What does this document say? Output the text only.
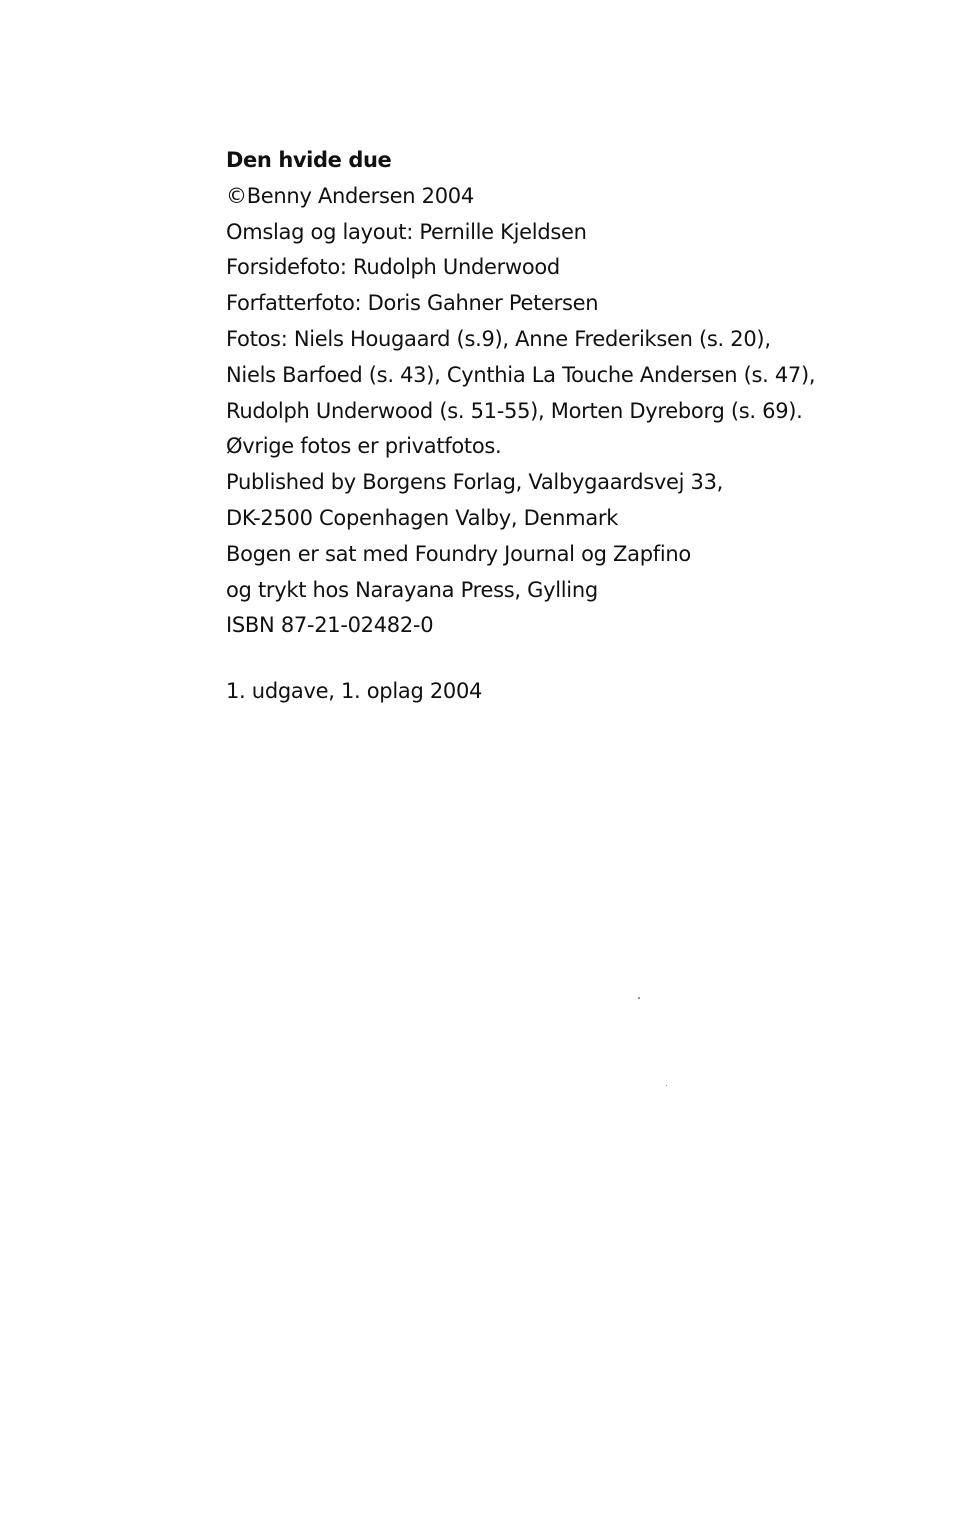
Den hvide due
©Benny Andersen 2004
Omslag og layout: Pernille Kjeldsen
Forsidefoto: Rudolph Underwood
Forfatterfoto: Doris Gahner Petersen
Fotos: Niels Hougaard (s.9), Anne Frederiksen (s. 20),
Niels Barfoed (s. 43), Cynthia La Touche Andersen (s. 47),
Rudolph Underwood (s. 51-55), Morten Dyreborg (s. 69).
Øvrige fotos er privatfotos.
Published by Borgens Forlag, Valbygaardsvej 33,
DK-2500 Copenhagen Valby, Denmark
Bogen er sat med Foundry Journal og Zapfino
og trykt hos Narayana Press, Gylling
ISBN 87-21-02482-0
1. udgave, 1. oplag 2004
